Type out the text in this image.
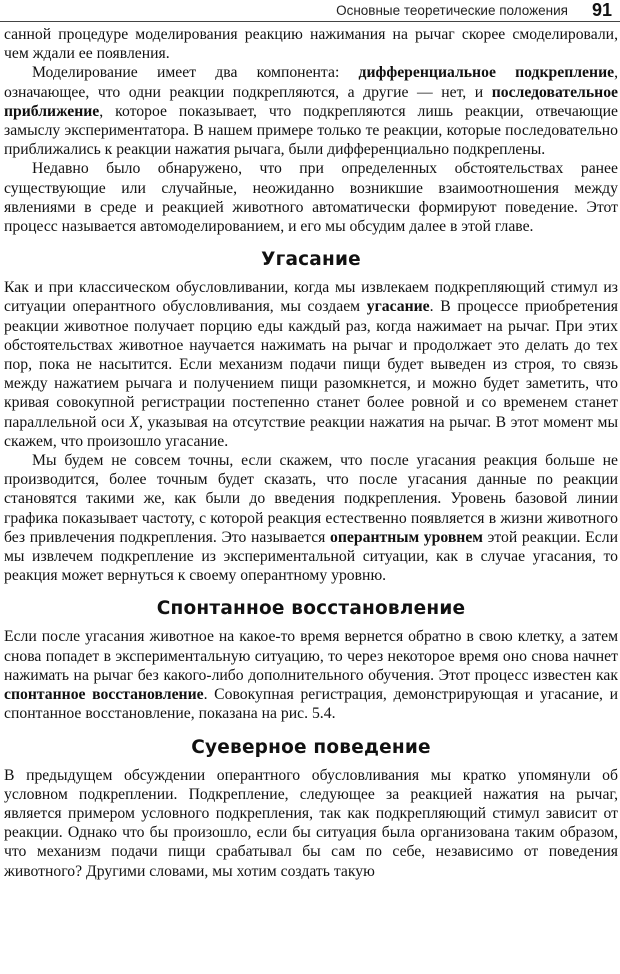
Основные теоретические положения 91

санной процедуре моделирования реакцию нажимания на рычаг скорее смоделировали, чем ждали ее появления.

Моделирование имеет два компонента: дифференциальное подкрепление, означающее, что одни реакции подкрепляются, а другие — нет, и последовательное приближение, которое показывает, что подкрепляются лишь реакции, отвечающие замыслу экспериментатора. В нашем примере только те реакции, которые последовательно приближались к реакции нажатия рычага, были дифференциально подкреплены.

Недавно было обнаружено, что при определенных обстоятельствах ранее существующие или случайные, неожиданно возникшие взаимоотношения между явлениями в среде и реакцией животного автоматически формируют поведение. Этот процесс называется автомоделированием, и его мы обсудим далее в этой главе.

Угасание

Как и при классическом обусловливании, когда мы извлекаем подкрепляющий стимул из ситуации оперантного обусловливания, мы создаем угасание. В процессе приобретения реакции животное получает порцию еды каждый раз, когда нажимает на рычаг. При этих обстоятельствах животное научается нажимать на рычаг и продолжает это делать до тех пор, пока не насытится. Если механизм подачи пищи будет выведен из строя, то связь между нажатием рычага и получением пищи разомкнется, и можно будет заметить, что кривая совокупной регистрации постепенно станет более ровной и со временем станет параллельной оси X, указывая на отсутствие реакции нажатия на рычаг. В этот момент мы скажем, что произошло угасание.

Мы будем не совсем точны, если скажем, что после угасания реакция больше не производится, более точным будет сказать, что после угасания данные по реакции становятся такими же, как были до введения подкрепления. Уровень базовой линии графика показывает частоту, с которой реакция естественно появляется в жизни животного без привлечения подкрепления. Это называется оперантным уровнем этой реакции. Если мы извлечем подкрепление из экспериментальной ситуации, как в случае угасания, то реакция может вернуться к своему оперантному уровню.

Спонтанное восстановление

Если после угасания животное на какое-то время вернется обратно в свою клетку, а затем снова попадет в экспериментальную ситуацию, то через некоторое время оно снова начнет нажимать на рычаг без какого-либо дополнительного обучения. Этот процесс известен как спонтанное восстановление. Совокупная регистрация, демонстрирующая и угасание, и спонтанное восстановление, показана на рис. 5.4.

Суеверное поведение

В предыдущем обсуждении оперантного обусловливания мы кратко упомянули об условном подкреплении. Подкрепление, следующее за реакцией нажатия на рычаг, является примером условного подкрепления, так как подкрепляющий стимул зависит от реакции. Однако что бы произошло, если бы ситуация была организована таким образом, что механизм подачи пищи срабатывал бы сам по себе, независимо от поведения животного? Другими словами, мы хотим создать такую
